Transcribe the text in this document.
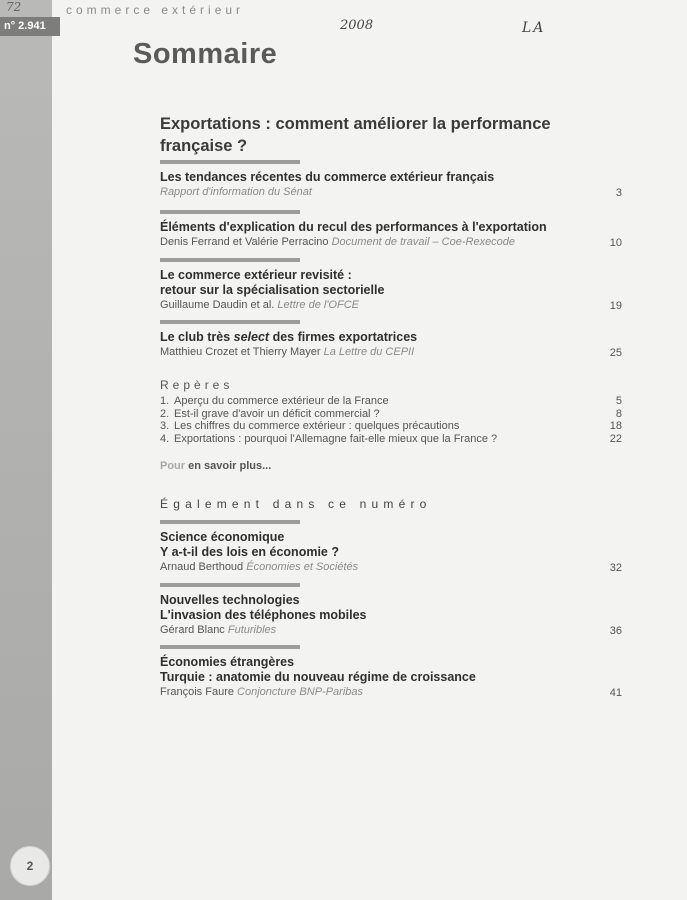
n° 2.941
commerce extérieur
72
2008	LA
Sommaire
Exportations : comment améliorer la performance française ?
Les tendances récentes du commerce extérieur français
Rapport d'information du Sénat	3
Éléments d'explication du recul des performances à l'exportation
Denis Ferrand et Valérie Perracino Document de travail – Coe-Rexecode	10
Le commerce extérieur revisité :
retour sur la spécialisation sectorielle
Guillaume Daudin et al. Lettre de l'OFCE	19
Le club très select des firmes exportatrices
Matthieu Crozet et Thierry Mayer La Lettre du CEPII	25
Repères
1. Aperçu du commerce extérieur de la France	5
2. Est-il grave d'avoir un déficit commercial ?	8
3. Les chiffres du commerce extérieur : quelques précautions	18
4. Exportations : pourquoi l'Allemagne fait-elle mieux que la France ?	22
Pour en savoir plus...
Également dans ce numéro
Science économique
Y a-t-il des lois en économie ?
Arnaud Berthoud Économies et Sociétés	32
Nouvelles technologies
L'invasion des téléphones mobiles
Gérard Blanc Futuribles	36
Économies étrangères
Turquie : anatomie du nouveau régime de croissance
François Faure Conjoncture BNP-Paribas	41
2
